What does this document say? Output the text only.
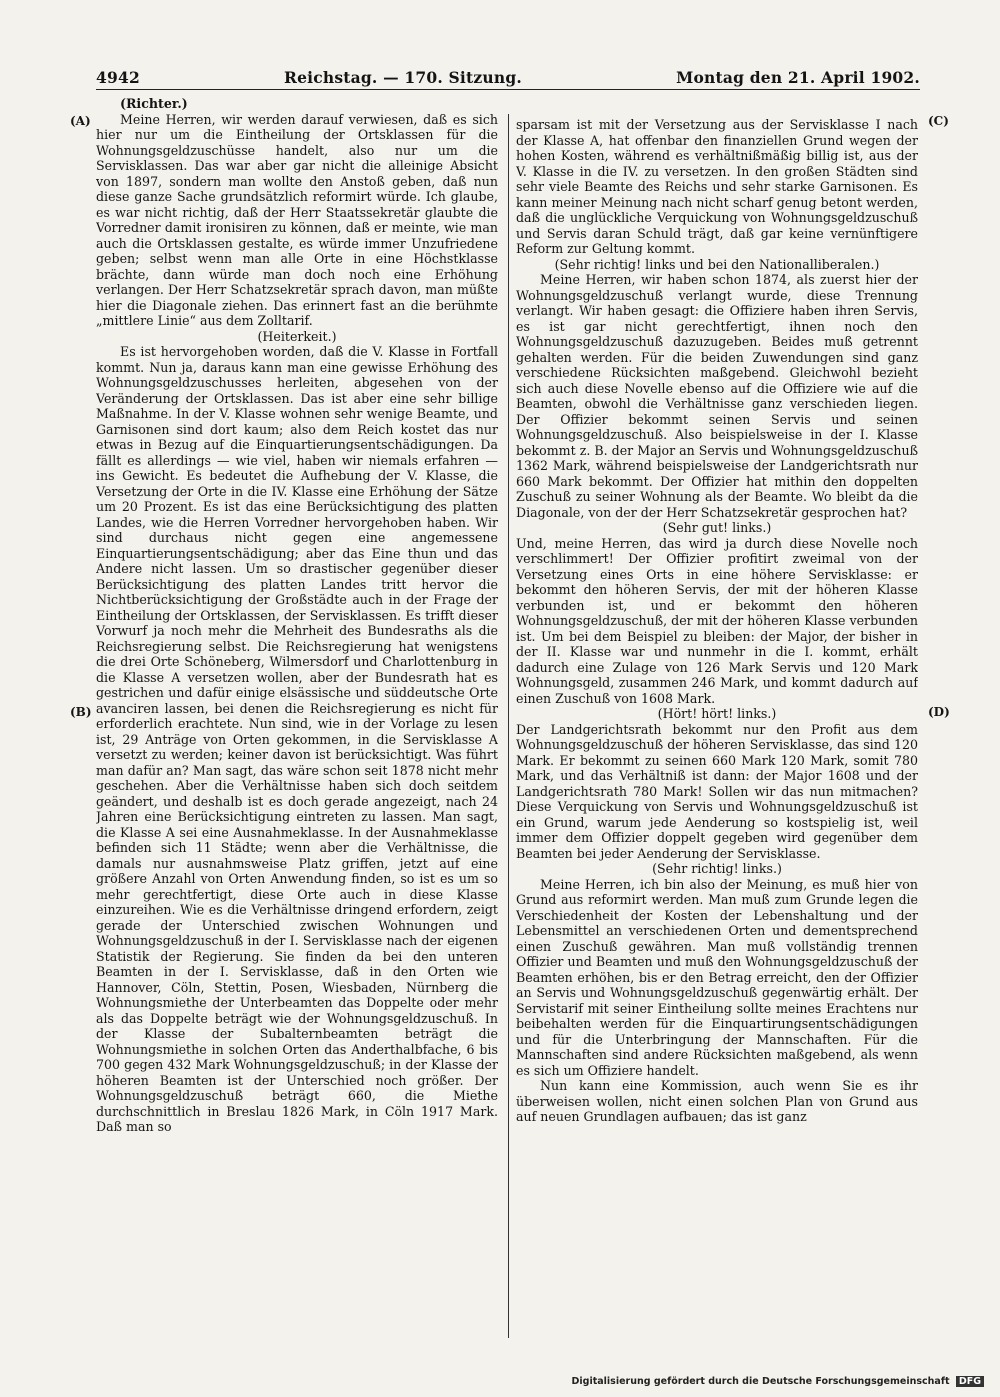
4942	Reichstag. — 170. Sitzung.	Montag den 21. April 1902.
(A)
(B)
(C)
(D)

(Richter.)

Meine Herren, wir werden darauf verwiesen, daß es sich hier nur um die Eintheilung der Ortsklassen für die Wohnungsgeldzuschüsse handelt, also nur um die Servisklassen. Das war aber gar nicht die alleinige Absicht von 1897, sondern man wollte den Anstoß geben, daß nun diese ganze Sache grundsätzlich reformirt würde. Ich glaube, es war nicht richtig, daß der Herr Staatssekretär glaubte die Vorredner damit ironisiren zu können, daß er meinte, wie man auch die Ortsklassen gestalte, es würde immer Unzufriedene geben; selbst wenn man alle Orte in eine Höchstklasse brächte, dann würde man doch noch eine Erhöhung verlangen. Der Herr Schatzsekretär sprach davon, man müßte hier die Diagonale ziehen. Das erinnert fast an die berühmte „mittlere Linie“ aus dem Zolltarif.

(Heiterkeit.)

Es ist hervorgehoben worden, daß die V. Klasse in Fortfall kommt. Nun ja, daraus kann man eine gewisse Erhöhung des Wohnungsgeldzuschusses herleiten, abgesehen von der Veränderung der Ortsklassen. Das ist aber eine sehr billige Maßnahme. In der V. Klasse wohnen sehr wenige Beamte, und Garnisonen sind dort kaum; also dem Reich kostet das nur etwas in Bezug auf die Einquartierungsentschädigungen. Da fällt es allerdings — wie viel, haben wir niemals erfahren — ins Gewicht. Es bedeutet die Aufhebung der V. Klasse, die Versetzung der Orte in die IV. Klasse eine Erhöhung der Sätze um 20 Prozent. Es ist das eine Berücksichtigung des platten Landes, wie die Herren Vorredner hervorgehoben haben. Wir sind durchaus nicht gegen eine angemessene Einquartierungsentschädigung; aber das Eine thun und das Andere nicht lassen. Um so drastischer gegenüber dieser Berücksichtigung des platten Landes tritt hervor die Nichtberücksichtigung der Großstädte auch in der Frage der Eintheilung der Ortsklassen, der Servisklassen. Es trifft dieser Vorwurf ja noch mehr die Mehrheit des Bundesraths als die Reichsregierung selbst. Die Reichsregierung hat wenigstens die drei Orte Schöneberg, Wilmersdorf und Charlottenburg in die Klasse A versetzen wollen, aber der Bundesrath hat es gestrichen und dafür einige elsässische und süddeutsche Orte avanciren lassen, bei denen die Reichsregierung es nicht für erforderlich erachtete. Nun sind, wie in der Vorlage zu lesen ist, 29 Anträge von Orten gekommen, in die Servisklasse A versetzt zu werden; keiner davon ist berücksichtigt. Was führt man dafür an? Man sagt, das wäre schon seit 1878 nicht mehr geschehen. Aber die Verhältnisse haben sich doch seitdem geändert, und deshalb ist es doch gerade angezeigt, nach 24 Jahren eine Berücksichtigung eintreten zu lassen. Man sagt, die Klasse A sei eine Ausnahmeklasse. In der Ausnahmeklasse befinden sich 11 Städte; wenn aber die Verhältnisse, die damals nur ausnahmsweise Platz griffen, jetzt auf eine größere Anzahl von Orten Anwendung finden, so ist es um so mehr gerechtfertigt, diese Orte auch in diese Klasse einzureihen. Wie es die Verhältnisse dringend erfordern, zeigt gerade der Unterschied zwischen Wohnungen und Wohnungsgeldzuschuß in der I. Servisklasse nach der eigenen Statistik der Regierung. Sie finden da bei den unteren Beamten in der I. Servisklasse, daß in den Orten wie Hannover, Cöln, Stettin, Posen, Wiesbaden, Nürnberg die Wohnungsmiethe der Unterbeamten das Doppelte oder mehr als das Doppelte beträgt wie der Wohnungsgeldzuschuß. In der Klasse der Subalternbeamten beträgt die Wohnungsmiethe in solchen Orten das Anderthalbfache, 6 bis 700 gegen 432 Mark Wohnungsgeldzuschuß; in der Klasse der höheren Beamten ist der Unterschied noch größer. Der Wohnungsgeldzuschuß beträgt 660, die Miethe durchschnittlich in Breslau 1826 Mark, in Cöln 1917 Mark. Daß man so

sparsam ist mit der Versetzung aus der Servisklasse I nach der Klasse A, hat offenbar den finanziellen Grund wegen der hohen Kosten, während es verhältnißmäßig billig ist, aus der V. Klasse in die IV. zu versetzen. In den großen Städten sind sehr viele Beamte des Reichs und sehr starke Garnisonen. Es kann meiner Meinung nach nicht scharf genug betont werden, daß die unglückliche Verquickung von Wohnungsgeldzuschuß und Servis daran Schuld trägt, daß gar keine vernünftigere Reform zur Geltung kommt.

(Sehr richtig! links und bei den Nationalliberalen.)

Meine Herren, wir haben schon 1874, als zuerst hier der Wohnungsgeldzuschuß verlangt wurde, diese Trennung verlangt. Wir haben gesagt: die Offiziere haben ihren Servis, es ist gar nicht gerechtfertigt, ihnen noch den Wohnungsgeldzuschuß dazuzugeben. Beides muß getrennt gehalten werden. Für die beiden Zuwendungen sind ganz verschiedene Rücksichten maßgebend. Gleichwohl bezieht sich auch diese Novelle ebenso auf die Offiziere wie auf die Beamten, obwohl die Verhältnisse ganz verschieden liegen. Der Offizier bekommt seinen Servis und seinen Wohnungsgeldzuschuß. Also beispielsweise in der I. Klasse bekommt z. B. der Major an Servis und Wohnungsgeldzuschuß 1362 Mark, während beispielsweise der Landgerichtsrath nur 660 Mark bekommt. Der Offizier hat mithin den doppelten Zuschuß zu seiner Wohnung als der Beamte. Wo bleibt da die Diagonale, von der der Herr Schatzsekretär gesprochen hat?

(Sehr gut! links.)

Und, meine Herren, das wird ja durch diese Novelle noch verschlimmert! Der Offizier profitirt zweimal von der Versetzung eines Orts in eine höhere Servisklasse: er bekommt den höheren Servis, der mit der höheren Klasse verbunden ist, und er bekommt den höheren Wohnungsgeldzuschuß, der mit der höheren Klasse verbunden ist. Um bei dem Beispiel zu bleiben: der Major, der bisher in der II. Klasse war und nunmehr in die I. kommt, erhält dadurch eine Zulage von 126 Mark Servis und 120 Mark Wohnungsgeld, zusammen 246 Mark, und kommt dadurch auf einen Zuschuß von 1608 Mark.

(Hört! hört! links.)

Der Landgerichtsrath bekommt nur den Profit aus dem Wohnungsgeldzuschuß der höheren Servisklasse, das sind 120 Mark. Er bekommt zu seinen 660 Mark 120 Mark, somit 780 Mark, und das Verhältniß ist dann: der Major 1608 und der Landgerichtsrath 780 Mark! Sollen wir das nun mitmachen? Diese Verquickung von Servis und Wohnungsgeldzuschuß ist ein Grund, warum jede Aenderung so kostspielig ist, weil immer dem Offizier doppelt gegeben wird gegenüber dem Beamten bei jeder Aenderung der Servisklasse.

(Sehr richtig! links.)

Meine Herren, ich bin also der Meinung, es muß hier von Grund aus reformirt werden. Man muß zum Grunde legen die Verschiedenheit der Kosten der Lebenshaltung und der Lebensmittel an verschiedenen Orten und dementsprechend einen Zuschuß gewähren. Man muß vollständig trennen Offizier und Beamten und muß den Wohnungsgeldzuschuß der Beamten erhöhen, bis er den Betrag erreicht, den der Offizier an Servis und Wohnungsgeldzuschuß gegenwärtig erhält. Der Servistarif mit seiner Eintheilung sollte meines Erachtens nur beibehalten werden für die Einquartirungsentschädigungen und für die Unterbringung der Mannschaften. Für die Mannschaften sind andere Rücksichten maßgebend, als wenn es sich um Offiziere handelt.

Nun kann eine Kommission, auch wenn Sie es ihr überweisen wollen, nicht einen solchen Plan von Grund aus auf neuen Grundlagen aufbauen; das ist ganz

Digitalisierung gefördert durch die Deutsche Forschungsgemeinschaft DFG
